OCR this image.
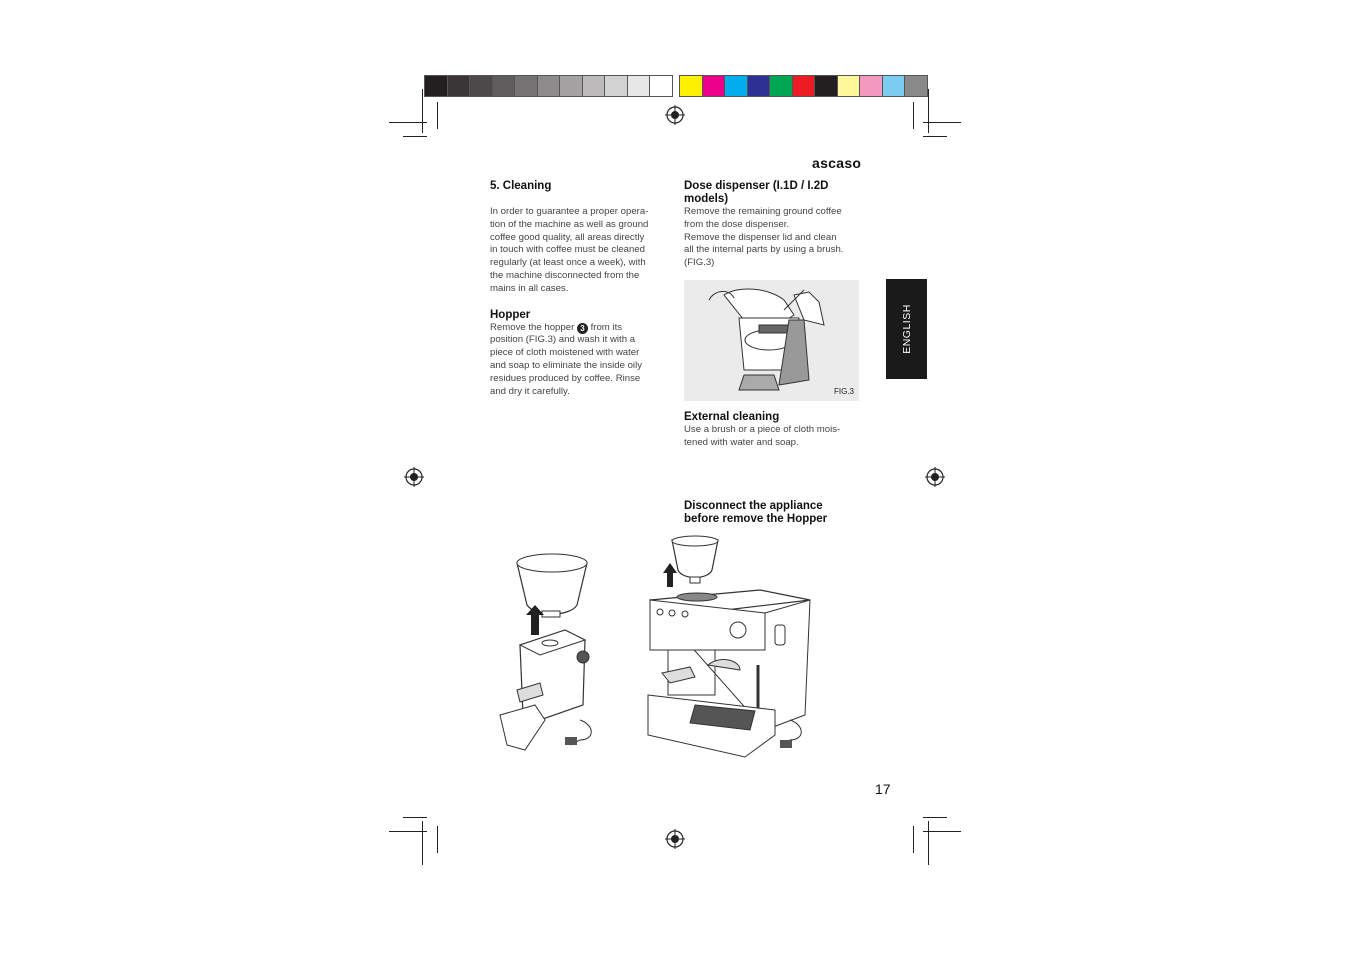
ascaso
ENGLISH
5. Cleaning
In order to guarantee a proper opera-
tion of the machine as well as ground
coffee good quality, all areas directly
in touch with coffee must be cleaned
regularly (at least once a week), with
the machine disconnected from the
mains in all cases.
Hopper
Remove the hopper 3 from its
position (FIG.3) and wash it with a
piece of cloth moistened with water
and soap to eliminate the inside oily
residues produced by coffee. Rinse
and dry it carefully.
Dose dispenser (I.1D / I.2D
models)
Remove the remaining ground coffee
from the dose dispenser.
Remove the dispenser lid and clean
all the internal parts by using a brush.
(FIG.3)
FIG.3
External cleaning
Use a brush or a piece of cloth mois-
tened with water and soap.
Disconnect the appliance
before remove the Hopper
17
